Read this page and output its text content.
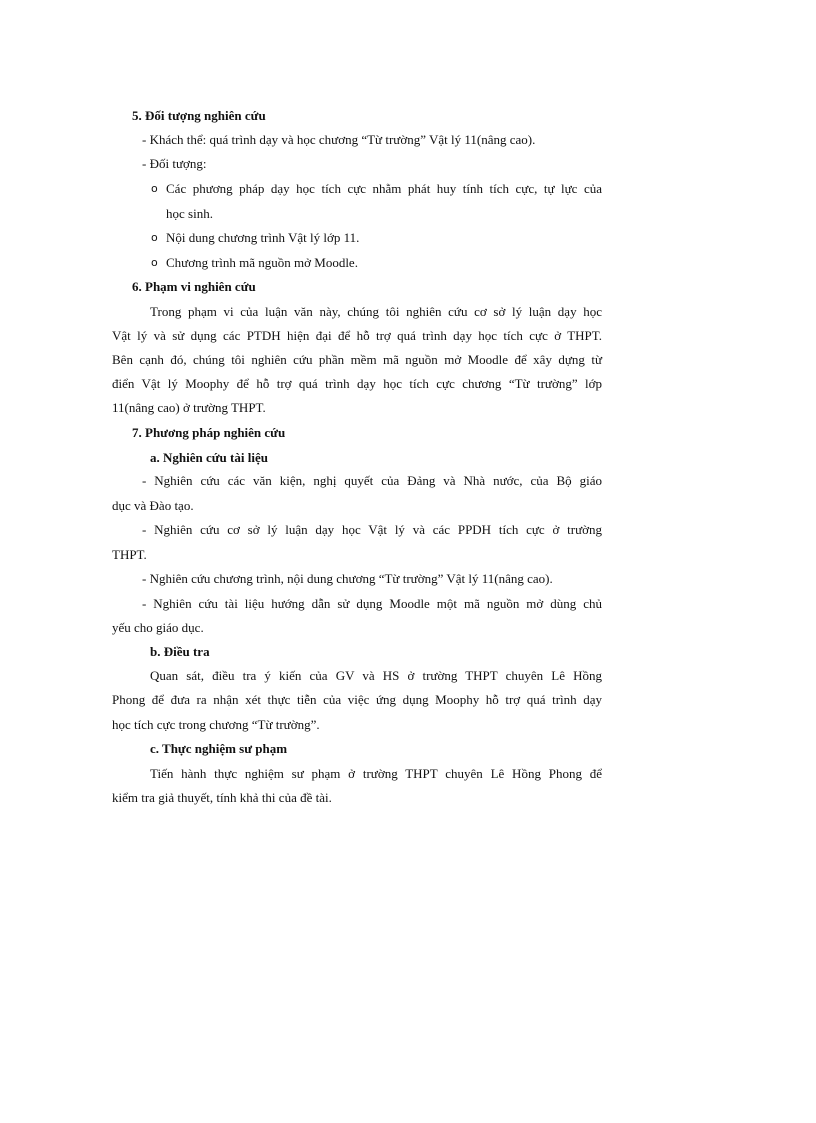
5. Đối tượng nghiên cứu
- Khách thể: quá trình dạy và học chương “Từ trường” Vật lý 11(nâng cao).
- Đối tượng:
o Các phương pháp dạy học tích cực nhằm phát huy tính tích cực, tự lực của
học sinh.
o Nội dung chương trình Vật lý lớp 11.
o Chương trình mã nguồn mở Moodle.
6. Phạm vi nghiên cứu
Trong phạm vi của luận văn này, chúng tôi nghiên cứu cơ sở lý luận dạy học
Vật lý và sử dụng các PTDH hiện đại để hỗ trợ quá trình dạy học tích cực ở THPT.
Bên cạnh đó, chúng tôi nghiên cứu phần mềm mã nguồn mở Moodle để xây dựng từ
điển Vật lý Moophy để hỗ trợ quá trình dạy học tích cực chương “Từ trường” lớp
11(nâng cao) ở trường THPT.
7. Phương pháp nghiên cứu
a. Nghiên cứu tài liệu
- Nghiên cứu các văn kiện, nghị quyết của Đảng và Nhà nước, của Bộ giáo
dục và Đào tạo.
- Nghiên cứu cơ sở lý luận dạy học Vật lý và các PPDH tích cực ở trường
THPT.
- Nghiên cứu chương trình, nội dung chương “Từ trường” Vật lý 11(nâng cao).
- Nghiên cứu tài liệu hướng dẫn sử dụng Moodle một mã nguồn mở dùng chủ
yếu cho giáo dục.
b. Điều tra
Quan sát, điều tra ý kiến của GV và HS ở trường THPT chuyên Lê Hồng
Phong để đưa ra nhận xét thực tiễn của việc ứng dụng Moophy hỗ trợ quá trình dạy
học tích cực trong chương “Từ trường”.
c. Thực nghiệm sư phạm
Tiến hành thực nghiệm sư phạm ở trường THPT chuyên Lê Hồng Phong để
kiểm tra giả thuyết, tính khả thi của đề tài.
